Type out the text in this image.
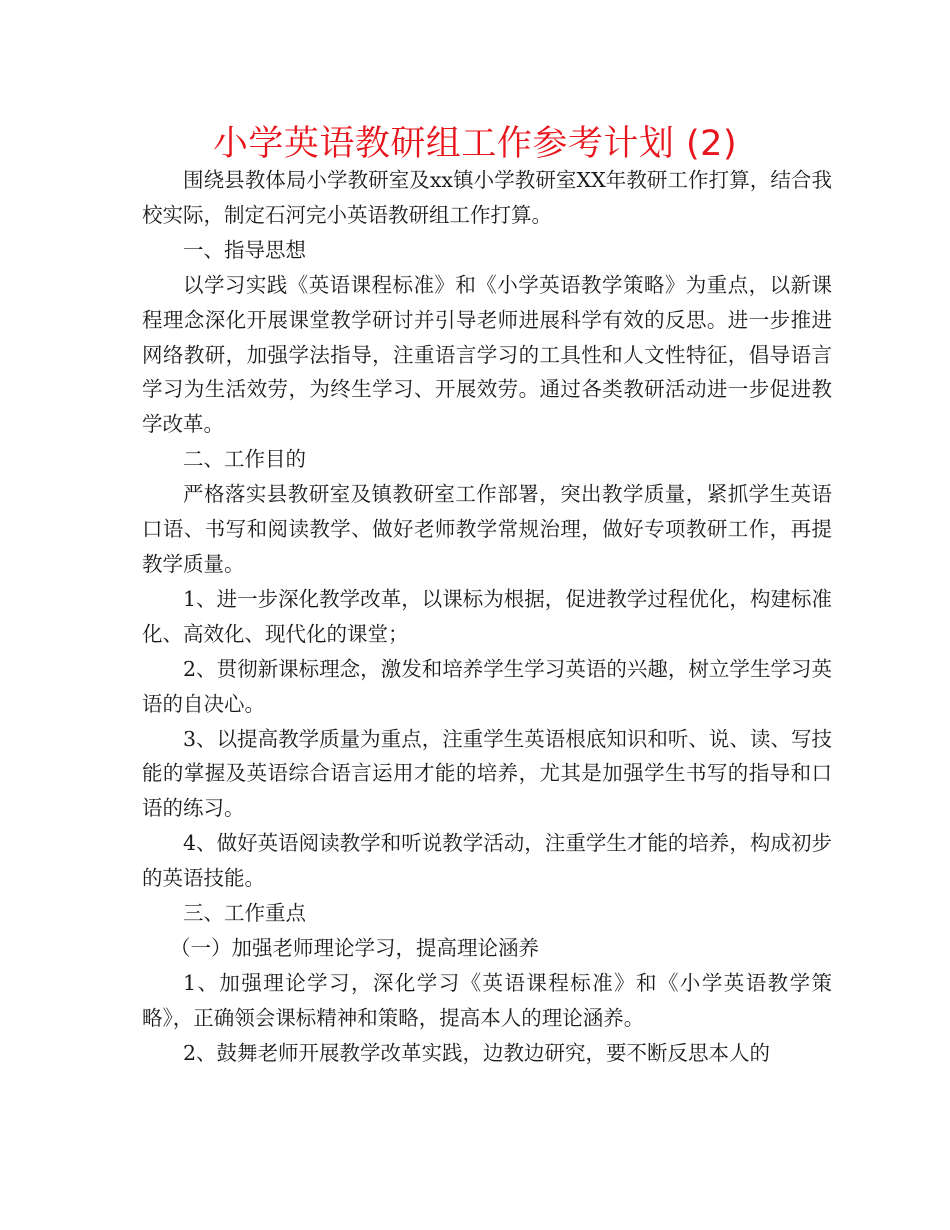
小学英语教研组工作参考计划 (2)

围绕县教体局小学教研室及xx镇小学教研室XX年教研工作打算，结合我校实际，制定石河完小英语教研组工作打算。

一、指导思想

以学习实践《英语课程标准》和《小学英语教学策略》为重点，以新课程理念深化开展课堂教学研讨并引导老师进展科学有效的反思。进一步推进网络教研，加强学法指导，注重语言学习的工具性和人文性特征，倡导语言学习为生活效劳，为终生学习、开展效劳。通过各类教研活动进一步促进教学改革。

二、工作目的

严格落实县教研室及镇教研室工作部署，突出教学质量，紧抓学生英语口语、书写和阅读教学、做好老师教学常规治理，做好专项教研工作，再提教学质量。

1、进一步深化教学改革，以课标为根据，促进教学过程优化，构建标准化、高效化、现代化的课堂；

2、贯彻新课标理念，激发和培养学生学习英语的兴趣，树立学生学习英语的自决心。

3、以提高教学质量为重点，注重学生英语根底知识和听、说、读、写技能的掌握及英语综合语言运用才能的培养，尤其是加强学生书写的指导和口语的练习。

4、做好英语阅读教学和听说教学活动，注重学生才能的培养，构成初步的英语技能。

三、工作重点

（一）加强老师理论学习，提高理论涵养

1、加强理论学习，深化学习《英语课程标准》和《小学英语教学策略》，正确领会课标精神和策略，提高本人的理论涵养。

2、鼓舞老师开展教学改革实践，边教边研究，要不断反思本人的
